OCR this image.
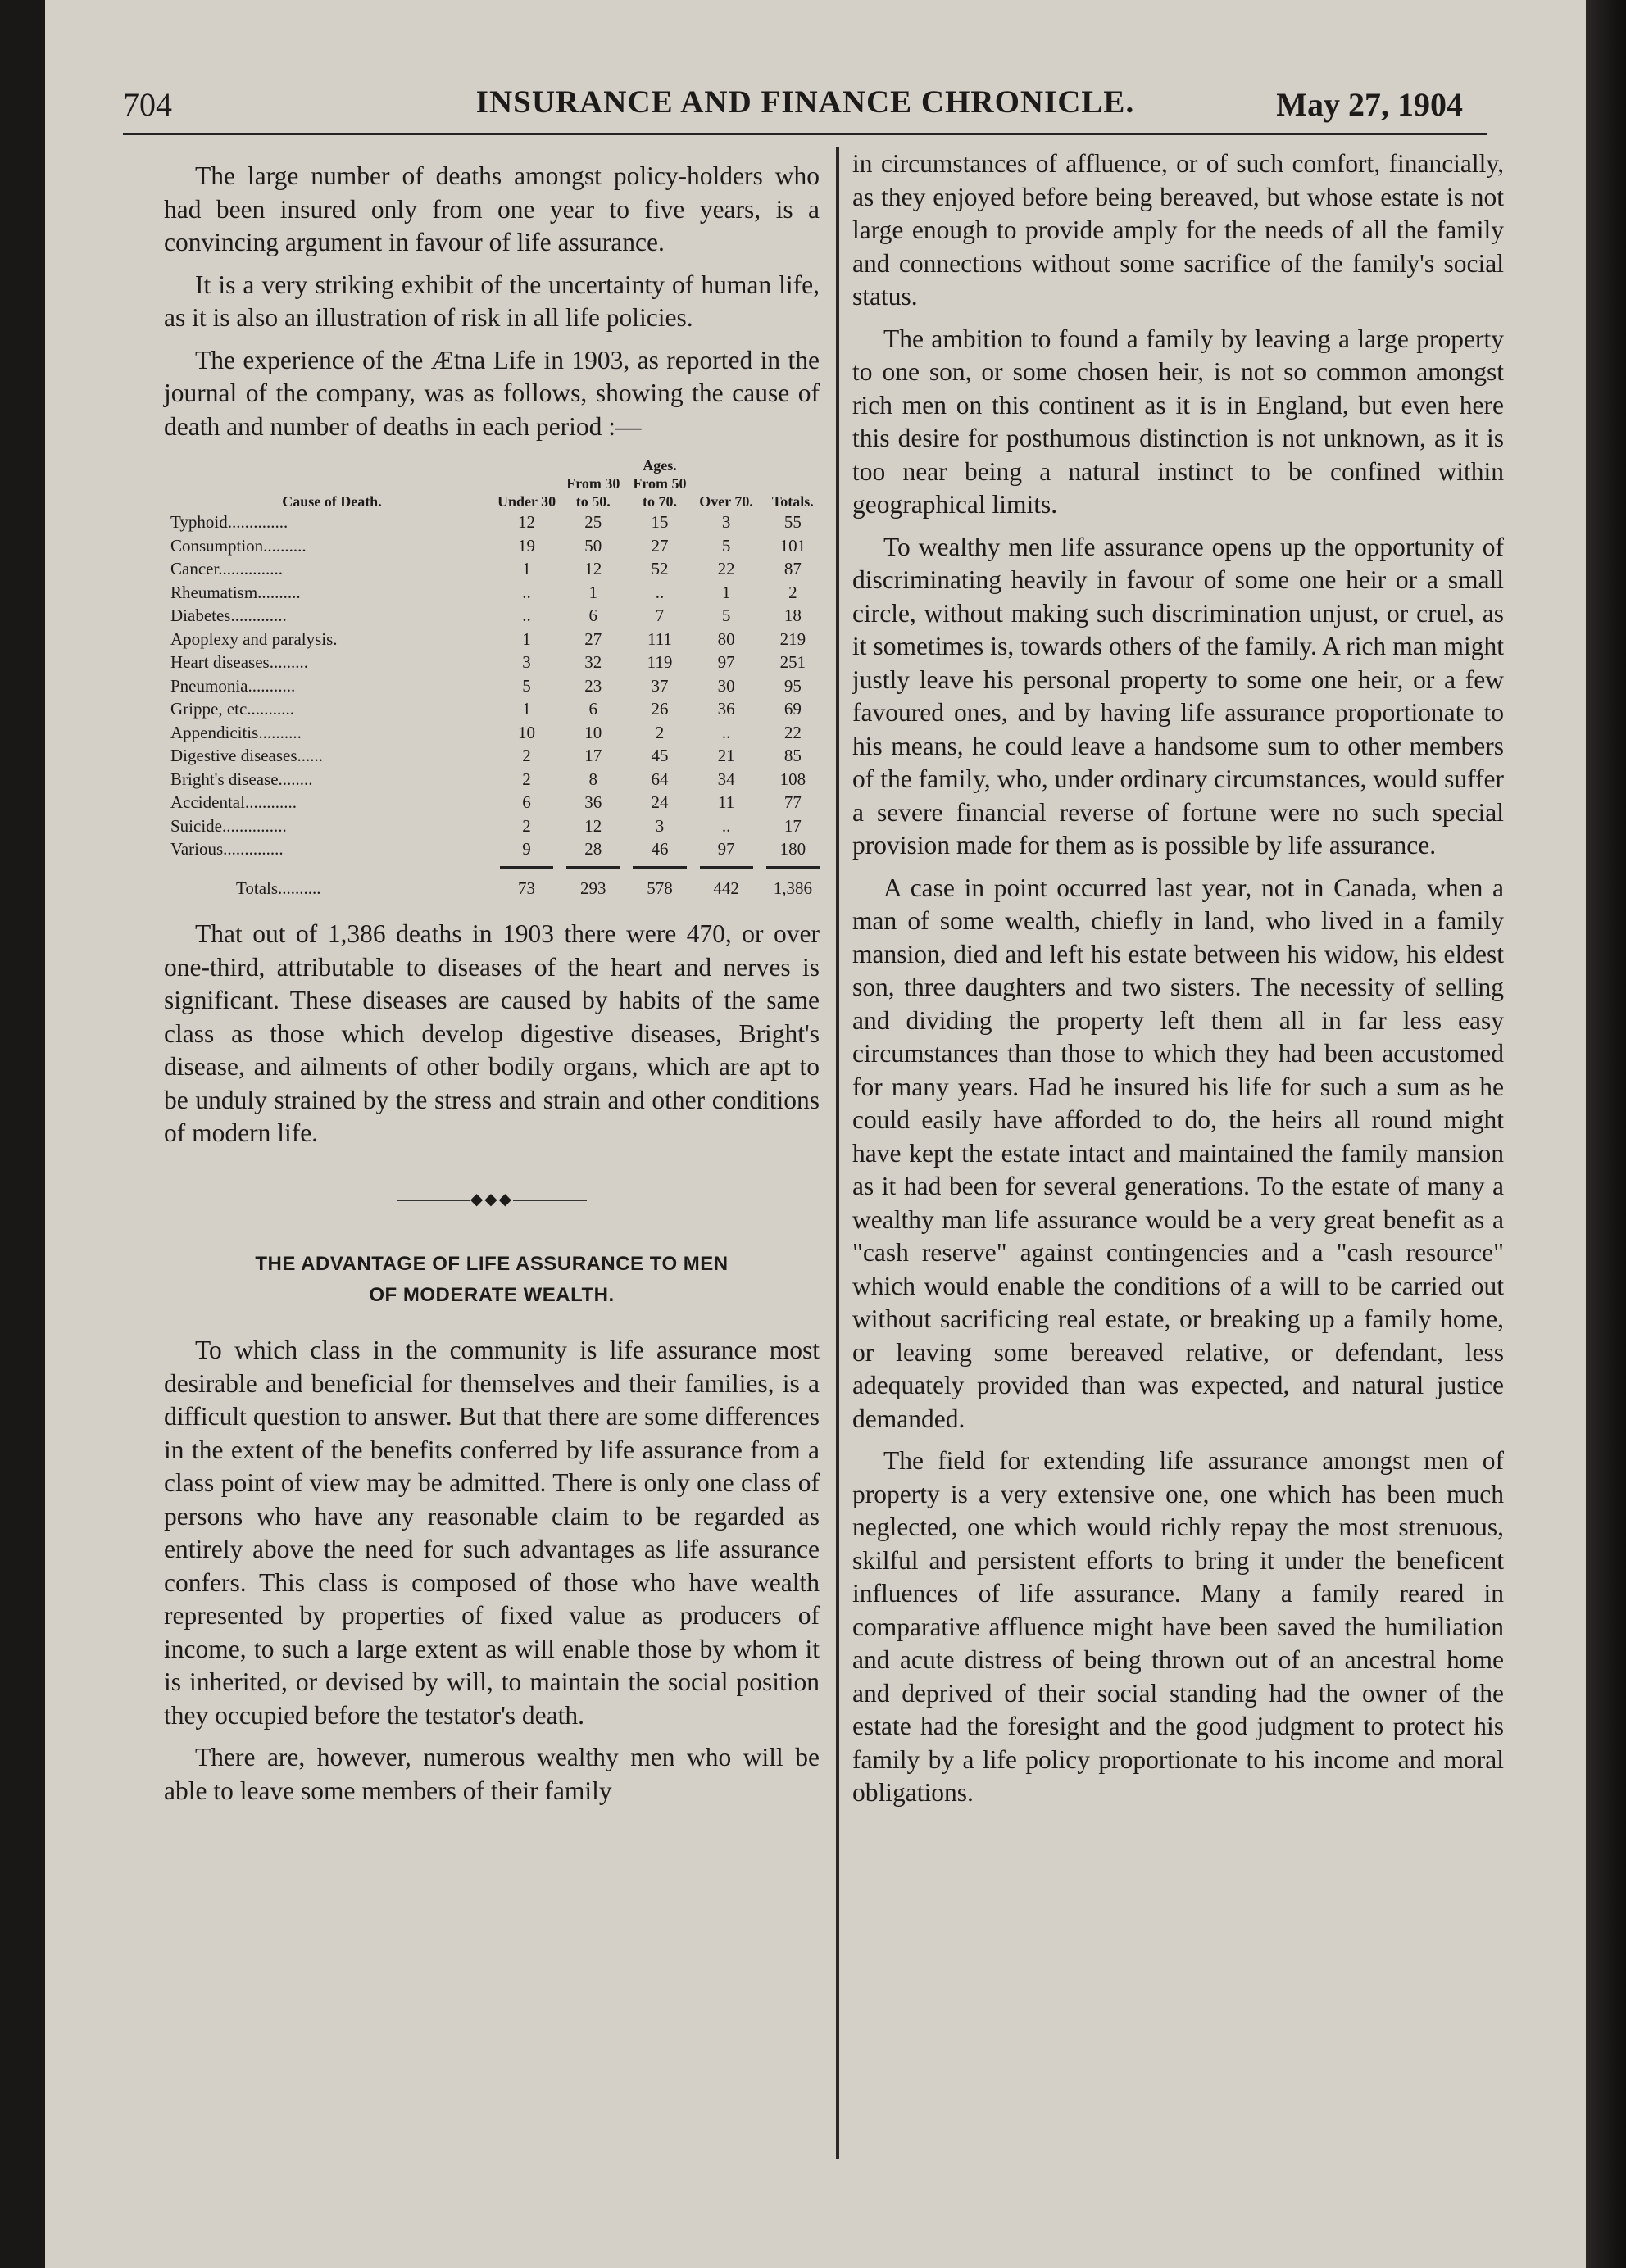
704	INSURANCE AND FINANCE CHRONICLE.	May 27, 1904

The large number of deaths amongst policy-holders who had been insured only from one year to five years, is a convincing argument in favour of life assurance.

It is a very striking exhibit of the uncertainty of human life, as it is also an illustration of risk in all life policies.

The experience of the Ætna Life in 1903, as reported in the journal of the company, was as follows, showing the cause of death and number of deaths in each period :—

			Ages.		
Cause of Death.	Under 30	From 30 to 50.	From 50 to 70.	Over 70.	Totals.
Typhoid..............	12	25	15	3	55
Consumption..........	19	50	27	5	101
Cancer...............	1	12	52	22	87
Rheumatism..........	..	1	..	1	2
Diabetes.............	..	6	7	5	18
Apoplexy and paralysis.	1	27	111	80	219
Heart diseases.........	3	32	119	97	251
Pneumonia...........	5	23	37	30	95
Grippe, etc...........	1	6	26	36	69
Appendicitis..........	10	10	2	..	22
Digestive diseases......	2	17	45	21	85
Bright's disease........	2	8	64	34	108
Accidental............	6	36	24	11	77
Suicide...............	2	12	3	..	17
Various..............	9	28	46	97	180

Totals..........	73	293	578	442	1,386

That out of 1,386 deaths in 1903 there were 470, or over one-third, attributable to diseases of the heart and nerves is significant. These diseases are caused by habits of the same class as those which develop digestive diseases, Bright's disease, and ailments of other bodily organs, which are apt to be unduly strained by the stress and strain and other conditions of modern life.

◆◆◆
THE ADVANTAGE OF LIFE ASSURANCE TO MEN
OF MODERATE WEALTH.

To which class in the community is life assurance most desirable and beneficial for themselves and their families, is a difficult question to answer. But that there are some differences in the extent of the benefits conferred by life assurance from a class point of view may be admitted. There is only one class of persons who have any reasonable claim to be regarded as entirely above the need for such advantages as life assurance confers. This class is composed of those who have wealth represented by properties of fixed value as producers of income, to such a large extent as will enable those by whom it is inherited, or devised by will, to maintain the social position they occupied before the testator's death.

There are, however, numerous wealthy men who will be able to leave some members of their family

in circumstances of affluence, or of such comfort, financially, as they enjoyed before being bereaved, but whose estate is not large enough to provide amply for the needs of all the family and connections without some sacrifice of the family's social status.

The ambition to found a family by leaving a large property to one son, or some chosen heir, is not so common amongst rich men on this continent as it is in England, but even here this desire for posthumous distinction is not unknown, as it is too near being a natural instinct to be confined within geographical limits.

To wealthy men life assurance opens up the opportunity of discriminating heavily in favour of some one heir or a small circle, without making such discrimination unjust, or cruel, as it sometimes is, towards others of the family. A rich man might justly leave his personal property to some one heir, or a few favoured ones, and by having life assurance proportionate to his means, he could leave a handsome sum to other members of the family, who, under ordinary circumstances, would suffer a severe financial reverse of fortune were no such special provision made for them as is possible by life assurance.

A case in point occurred last year, not in Canada, when a man of some wealth, chiefly in land, who lived in a family mansion, died and left his estate between his widow, his eldest son, three daughters and two sisters. The necessity of selling and dividing the property left them all in far less easy circumstances than those to which they had been accustomed for many years. Had he insured his life for such a sum as he could easily have afforded to do, the heirs all round might have kept the estate intact and maintained the family mansion as it had been for several generations. To the estate of many a wealthy man life assurance would be a very great benefit as a "cash reserve" against contingencies and a "cash resource" which would enable the conditions of a will to be carried out without sacrificing real estate, or breaking up a family home, or leaving some bereaved relative, or defendant, less adequately provided than was expected, and natural justice demanded.

The field for extending life assurance amongst men of property is a very extensive one, one which has been much neglected, one which would richly repay the most strenuous, skilful and persistent efforts to bring it under the beneficent influences of life assurance. Many a family reared in comparative affluence might have been saved the humiliation and acute distress of being thrown out of an ancestral home and deprived of their social standing had the owner of the estate had the foresight and the good judgment to protect his family by a life policy proportionate to his income and moral obligations.
